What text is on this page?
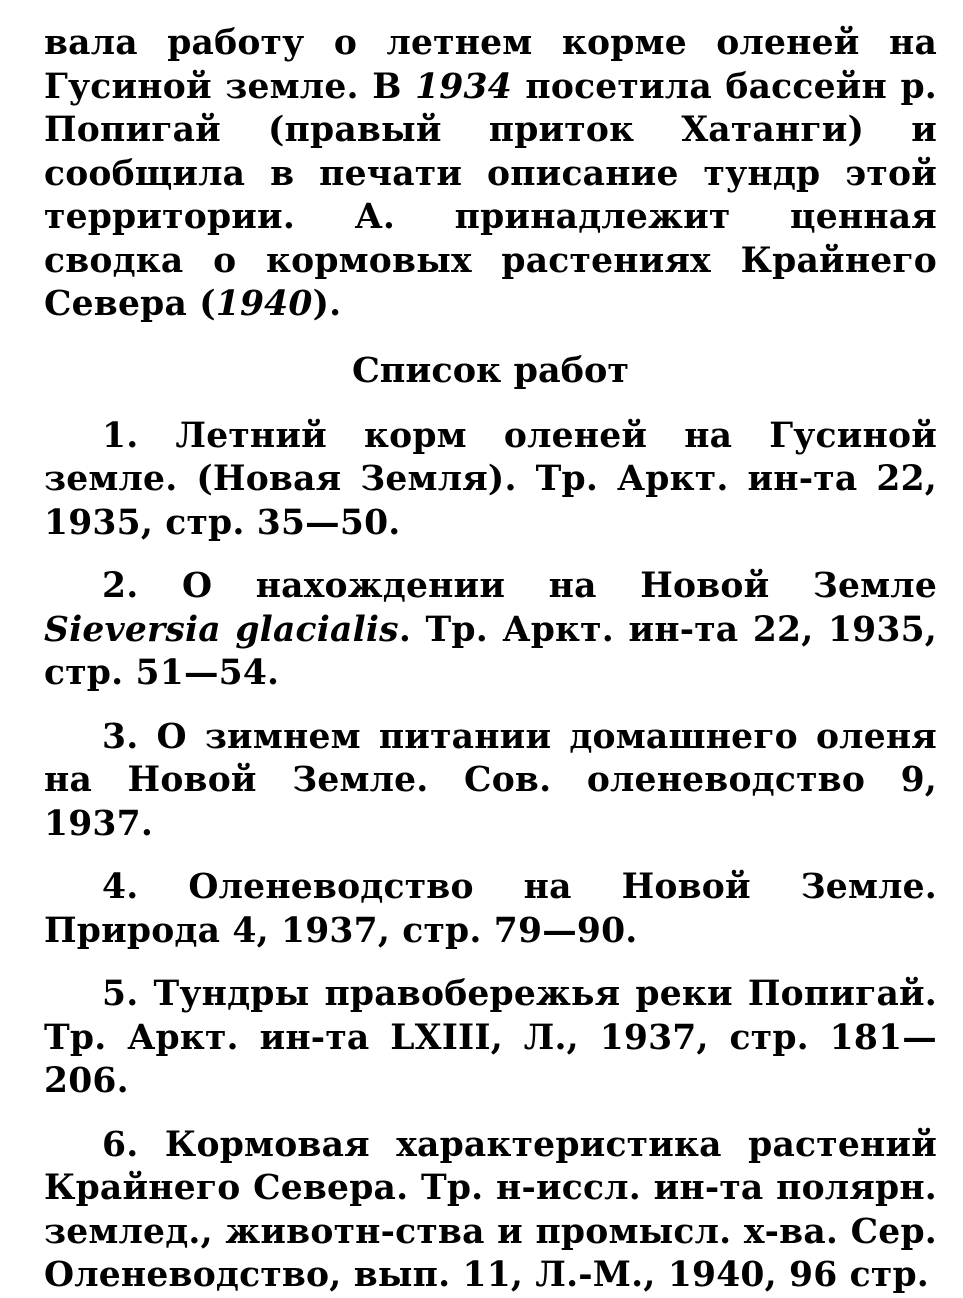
вала работу о летнем корме оленей на Гусиной земле. В 1934 посетила бассейн р. Попигай (правый приток Хатанги) и сообщила в печати описание тундр этой территории. А. принадлежит ценная сводка о кормовых растениях Крайнего Севера (1940).

Список работ

1. Летний корм оленей на Гусиной земле. (Новая Земля). Тр. Аркт. ин-та 22, 1935, стр. 35—50.

2. О нахождении на Новой Земле Sieversia glacialis. Тр. Аркт. ин-та 22, 1935, стр. 51—54.

3. О зимнем питании домашнего оленя на Новой Земле. Сов. оленеводство 9, 1937.

4. Оленеводство на Новой Земле. Природа 4, 1937, стр. 79—90.

5. Тундры правобережья реки Попигай. Тр. Аркт. ин-та LXIII, Л., 1937, стр. 181—206.

6. Кормовая характеристика растений Крайнего Севера. Тр. н-иссл. ин-та полярн. землед., животн-ства и промысл. х-ва. Сер. Оленеводство, вып. 11, Л.-М., 1940, 96 стр.
